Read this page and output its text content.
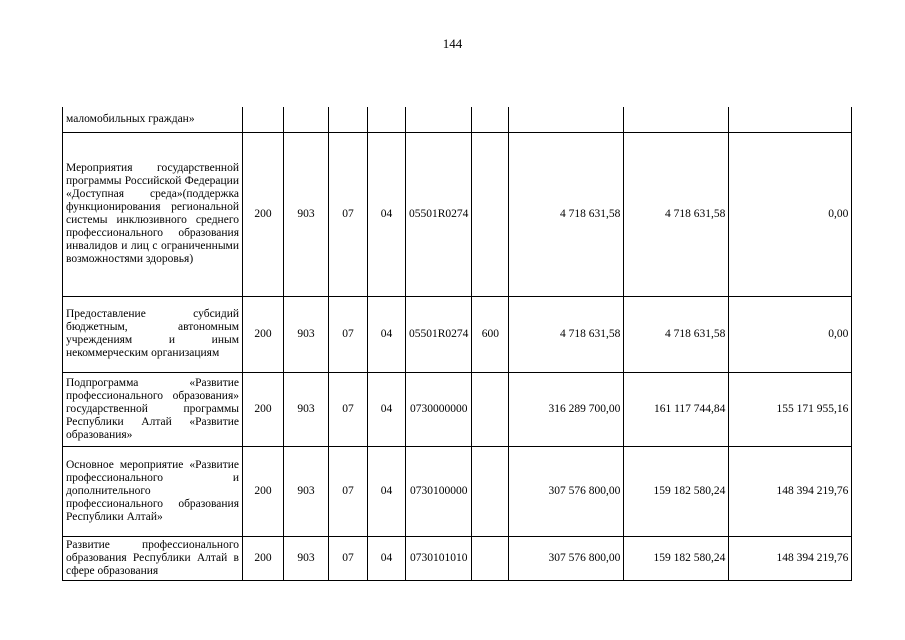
144
маломобильных граждан»									
Мероприятия государственной программы Российской Федерации «Доступная среда»(поддержка функционирования региональной системы инклюзивного среднего профессионального образования инвалидов и лиц с ограниченными возможностями здоровья)	200	903	07	04	05501R0274		4 718 631,58	4 718 631,58	0,00
Предоставление субсидий бюджетным, автономным учреждениям и иным некоммерческим организациям	200	903	07	04	05501R0274	600	4 718 631,58	4 718 631,58	0,00
Подпрограмма «Развитие профессионального образования» государственной программы Республики Алтай «Развитие образования»	200	903	07	04	0730000000		316 289 700,00	161 117 744,84	155 171 955,16
Основное мероприятие «Развитие профессионального и дополнительного профессионального образования Республики Алтай»	200	903	07	04	0730100000		307 576 800,00	159 182 580,24	148 394 219,76
Развитие профессионального образования Республики Алтай в сфере образования	200	903	07	04	0730101010		307 576 800,00	159 182 580,24	148 394 219,76
